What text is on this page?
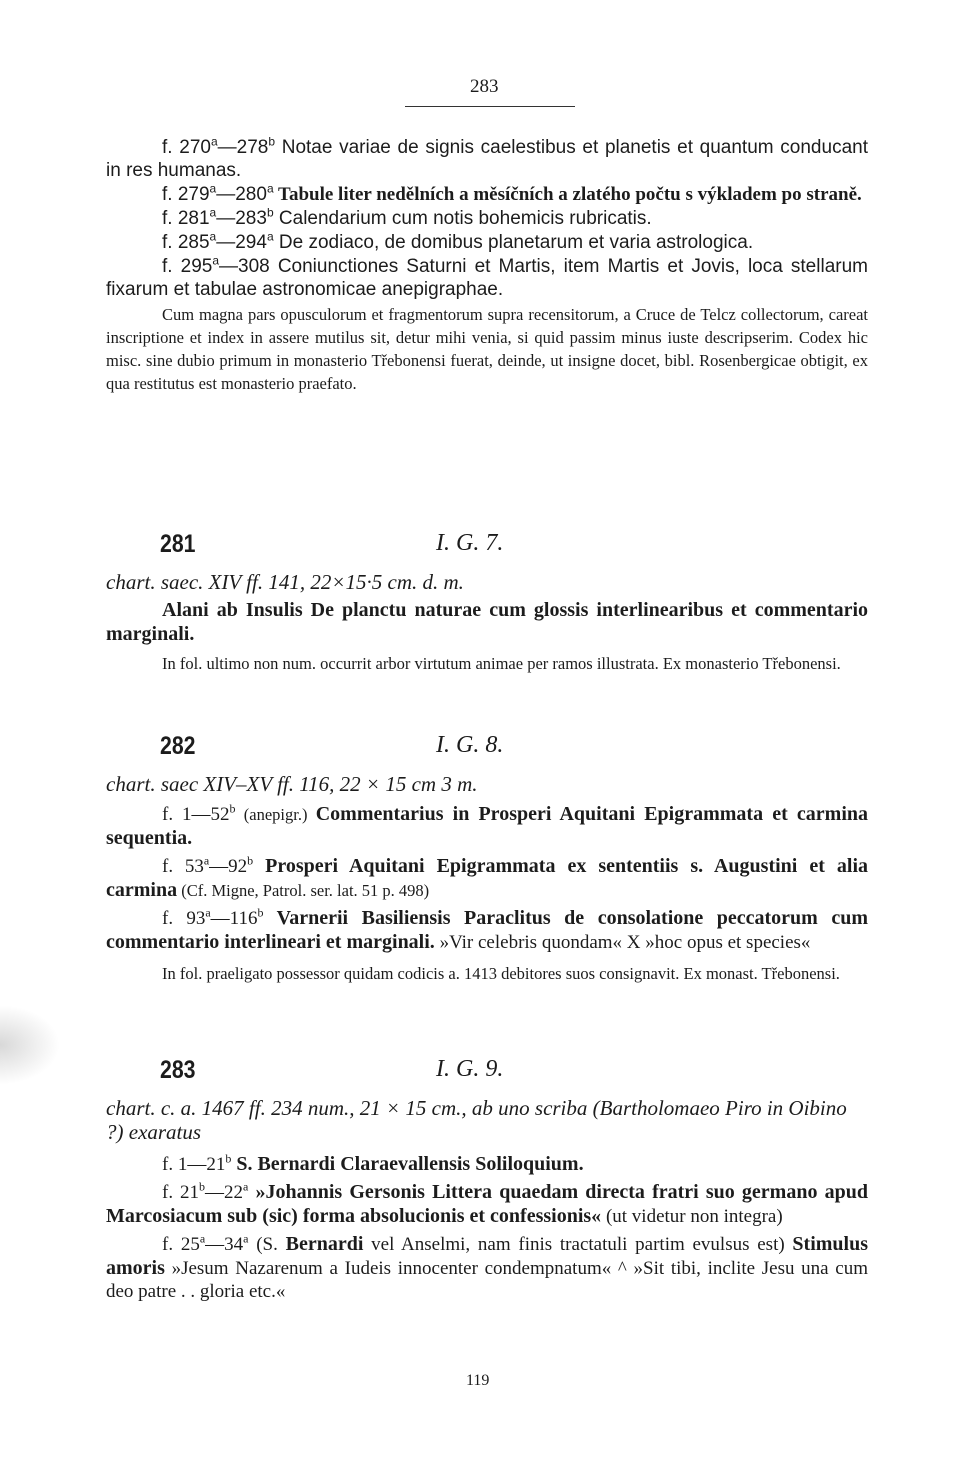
283

f. 270$^a$—278$^b$ Notae variae de signis caelestibus et planetis et quantum conducant in res humanas.

f. 279$^a$—280$^a$ Tabule liter nedělních a měsíčních a zlatého počtu s výkladem po straně.

f. 281$^a$—283$^b$ Calendarium cum notis bohemicis rubricatis.

f. 285$^a$—294$^a$ De zodiaco, de domibus planetarum et varia astrologica.

f. 295$^a$—308 Coniunctiones Saturni et Martis, item Martis et Jovis, loca stellarum fixarum et tabulae astronomicae anepigraphae.

Cum magna pars opusculorum et fragmentorum supra recensitorum, a Cruce de Telcz collectorum, careat inscriptione et index in assere mutilus sit, detur mihi venia, si quid passim minus iuste descripserim. Codex hic misc. sine dubio primum in monasterio Třebonensi fuerat, deinde, ut insigne docet, bibl. Rosenbergicae obtigit, ex qua restitutus est monasterio praefato.

281	I. G. 7.

chart. saec. XIV ff. 141, 22×15·5 cm. d. m.

Alani ab Insulis De planctu naturae cum glossis interlinearibus et commentario marginali.

In fol. ultimo non num. occurrit arbor virtutum animae per ramos illustrata. Ex monasterio Třebonensi.

282	I. G. 8.

chart. saec XIV–XV ff. 116, 22 × 15 cm 3 m.

f. 1—52$^b$ (anepigr.) Commentarius in Prosperi Aquitani Epigrammata et carmina sequentia.

f. 53$^a$—92$^b$ Prosperi Aquitani Epigrammata ex sententiis s. Augustini et alia carmina (Cf. Migne, Patrol. ser. lat. 51 p. 498)

f. 93$^a$—116$^b$ Varnerii Basiliensis Paraclitus de consolatione peccatorum cum commentario interlineari et marginali. »Vir celebris quondam« X »hoc opus et species«

In fol. praeligato possessor quidam codicis a. 1413 debitores suos consignavit. Ex monast. Třebonensi.

283	I. G. 9.

chart. c. a. 1467 ff. 234 num., 21 × 15 cm., ab uno scriba (Bartholomaeo Piro in Oibino ?) exaratus

f. 1—21$^b$ S. Bernardi Claraevallensis Soliloquium.

f. 21$^b$—22$^a$ »Johannis Gersonis Littera quaedam directa fratri suo germano apud Marcosiacum sub (sic) forma absolucionis et confessionis« (ut videtur non integra)

f. 25$^a$—34$^a$ (S. Bernardi vel Anselmi, nam finis tractatuli partim evulsus est) Stimulus amoris »Jesum Nazarenum a Iudeis innocenter condempnatum« ^ »Sit tibi, inclite Jesu una cum deo patre . . gloria etc.«

119
